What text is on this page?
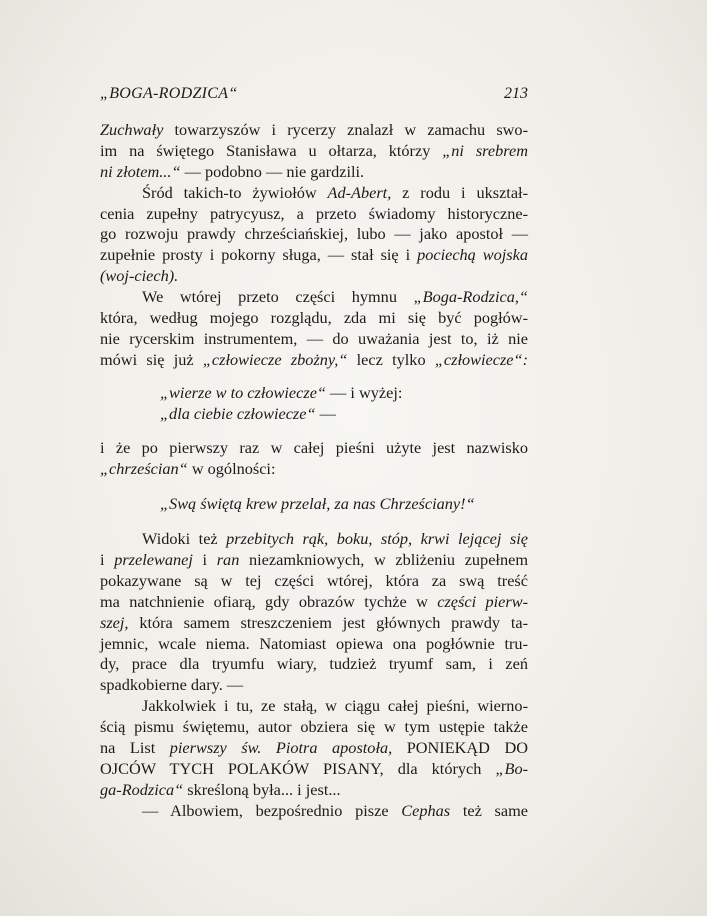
„BOGA-RODZICA“	213
Zuchwały towarzyszów i rycerzy znalazł w zamachu swo-
im na świętego Stanisława u ołtarza, którzy „ni srebrem
ni złotem...“ — podobno — nie gardzili.
Śród takich-to żywiołów Ad-Abert, z rodu i ukształ-
cenia zupełny patrycyusz, a przeto świadomy historyczne-
go rozwoju prawdy chrześciańskiej, lubo — jako apostoł —
zupełnie prosty i pokorny sługa, — stał się i pociechą wojska
(woj-ciech).
We wtórej przeto części hymnu „Boga-Rodzica,“
która, według mojego rozglądu, zda mi się być pogłów-
nie rycerskim instrumentem, — do uważania jest to, iż nie
mówi się już „człowiecze zbożny,“ lecz tylko „człowiecze“:
„wierze w to człowiecze“ — i wyżej:
„dla ciebie człowiecze“ —
i że po pierwszy raz w całej pieśni użyte jest nazwisko
„chrześcian“ w ogólności:
„Swą świętą krew przelał, za nas Chrześciany!“
Widoki też przebitych rąk, boku, stóp, krwi lejącej się
i przelewanej i ran niezamkniowych, w zbliżeniu zupełnem
pokazywane są w tej części wtórej, która za swą treść
ma natchnienie ofiarą, gdy obrazów tychże w części pierw-
szej, która samem streszczeniem jest głównych prawdy ta-
jemnic, wcale niema. Natomiast opiewa ona pogłównie tru-
dy, prace dla tryumfu wiary, tudzież tryumf sam, i zeń
spadkobierne dary. —
Jakkolwiek i tu, ze stałą, w ciągu całej pieśni, wierno-
ścią pismu świętemu, autor obziera się w tym ustępie także
na List pierwszy św. Piotra apostoła, PONIEKĄD DO
OJCÓW TYCH POLAKÓW PISANY, dla których „Bo-
ga-Rodzica“ skreśloną była... i jest...
— Albowiem, bezpośrednio pisze Cephas też same
